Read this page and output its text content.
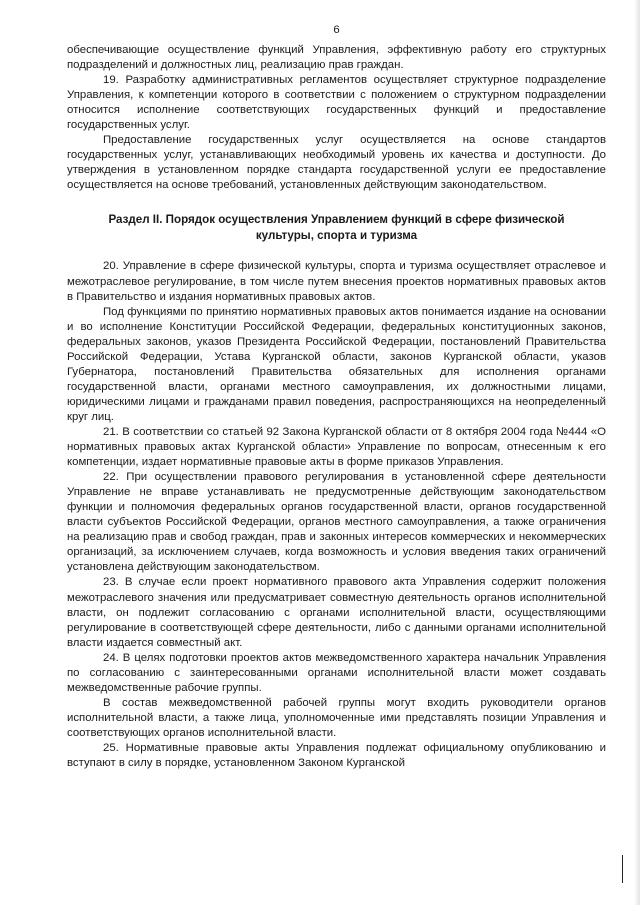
6

обеспечивающие осуществление функций Управления, эффективную работу его структурных подразделений и должностных лиц, реализацию прав граждан.

19. Разработку административных регламентов осуществляет структурное подразделение Управления, к компетенции которого в соответствии с положением о структурном подразделении относится исполнение соответствующих государственных функций и предоставление государственных услуг.

Предоставление государственных услуг осуществляется на основе стандартов государственных услуг, устанавливающих необходимый уровень их качества и доступности. До утверждения в установленном порядке стандарта государственной услуги ее предоставление осуществляется на основе требований, установленных действующим законодательством.

Раздел II. Порядок осуществления Управлением функций в сфере физической культуры, спорта и туризма

20. Управление в сфере физической культуры, спорта и туризма осуществляет отраслевое и межотраслевое регулирование, в том числе путем внесения проектов нормативных правовых актов в Правительство и издания нормативных правовых актов.

Под функциями по принятию нормативных правовых актов понимается издание на основании и во исполнение Конституции Российской Федерации, федеральных конституционных законов, федеральных законов, указов Президента Российской Федерации, постановлений Правительства Российской Федерации, Устава Курганской области, законов Курганской области, указов Губернатора, постановлений Правительства обязательных для исполнения органами государственной власти, органами местного самоуправления, их должностными лицами, юридическими лицами и гражданами правил поведения, распространяющихся на неопределенный круг лиц.

21. В соответствии со статьей 92 Закона Курганской области от 8 октября 2004 года №444 «О нормативных правовых актах Курганской области» Управление по вопросам, отнесенным к его компетенции, издает нормативные правовые акты в форме приказов Управления.

22. При осуществлении правового регулирования в установленной сфере деятельности Управление не вправе устанавливать не предусмотренные действующим законодательством функции и полномочия федеральных органов государственной власти, органов государственной власти субъектов Российской Федерации, органов местного самоуправления, а также ограничения на реализацию прав и свобод граждан, прав и законных интересов коммерческих и некоммерческих организаций, за исключением случаев, когда возможность и условия введения таких ограничений установлена действующим законодательством.

23. В случае если проект нормативного правового акта Управления содержит положения межотраслевого значения или предусматривает совместную деятельность органов исполнительной власти, он подлежит согласованию с органами исполнительной власти, осуществляющими регулирование в соответствующей сфере деятельности, либо с данными органами исполнительной власти издается совместный акт.

24. В целях подготовки проектов актов межведомственного характера начальник Управления по согласованию с заинтересованными органами исполнительной власти может создавать межведомственные рабочие группы.

В состав межведомственной рабочей группы могут входить руководители органов исполнительной власти, а также лица, уполномоченные ими представлять позиции Управления и соответствующих органов исполнительной власти.

25. Нормативные правовые акты Управления подлежат официальному опубликованию и вступают в силу в порядке, установленном Законом Курганской
